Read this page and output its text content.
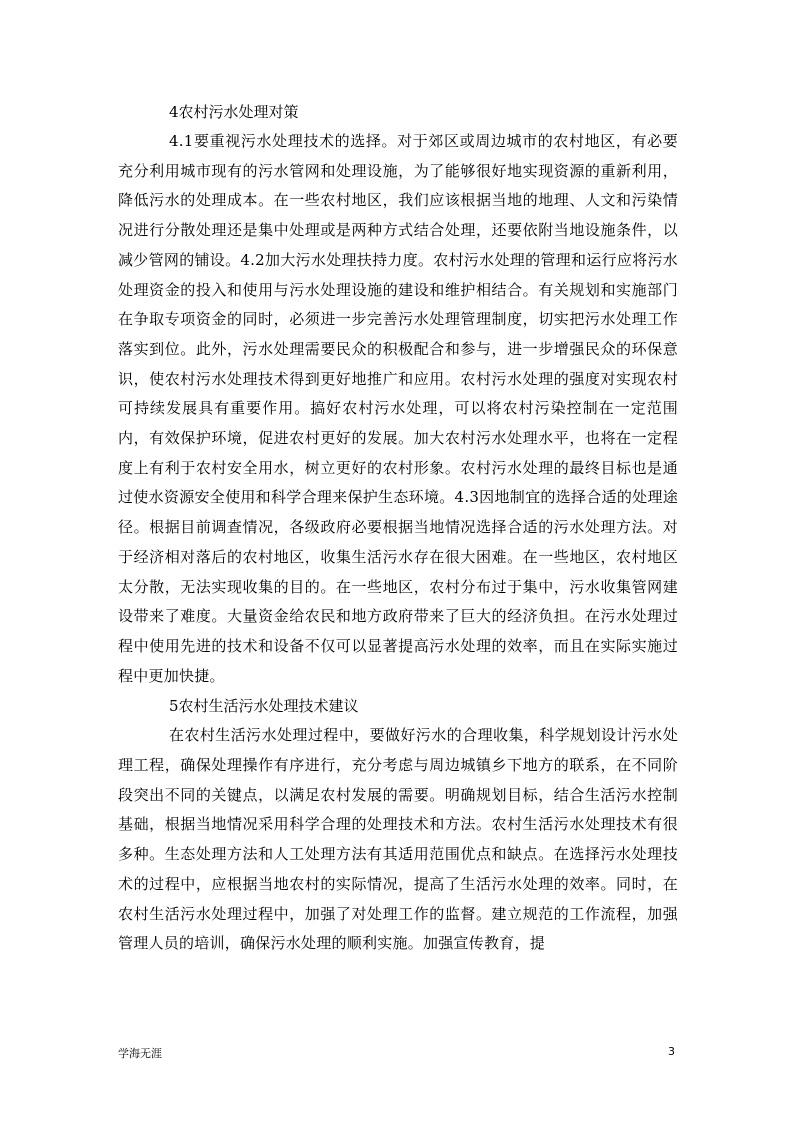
4农村污水处理对策

4.1要重视污水处理技术的选择。对于郊区或周边城市的农村地区，有必要充分利用城市现有的污水管网和处理设施，为了能够很好地实现资源的重新利用，降低污水的处理成本。在一些农村地区，我们应该根据当地的地理、人文和污染情况进行分散处理还是集中处理或是两种方式结合处理，还要依附当地设施条件，以减少管网的铺设。4.2加大污水处理扶持力度。农村污水处理的管理和运行应将污水处理资金的投入和使用与污水处理设施的建设和维护相结合。有关规划和实施部门在争取专项资金的同时，必须进一步完善污水处理管理制度，切实把污水处理工作落实到位。此外，污水处理需要民众的积极配合和参与，进一步增强民众的环保意识，使农村污水处理技术得到更好地推广和应用。农村污水处理的强度对实现农村可持续发展具有重要作用。搞好农村污水处理，可以将农村污染控制在一定范围内，有效保护环境，促进农村更好的发展。加大农村污水处理水平，也将在一定程度上有利于农村安全用水，树立更好的农村形象。农村污水处理的最终目标也是通过使水资源安全使用和科学合理来保护生态环境。4.3因地制宜的选择合适的处理途径。根据目前调查情况，各级政府必要根据当地情况选择合适的污水处理方法。对于经济相对落后的农村地区，收集生活污水存在很大困难。在一些地区，农村地区太分散，无法实现收集的目的。在一些地区，农村分布过于集中，污水收集管网建设带来了难度。大量资金给农民和地方政府带来了巨大的经济负担。在污水处理过程中使用先进的技术和设备不仅可以显著提高污水处理的效率，而且在实际实施过程中更加快捷。

5农村生活污水处理技术建议

在农村生活污水处理过程中，要做好污水的合理收集，科学规划设计污水处理工程，确保处理操作有序进行，充分考虑与周边城镇乡下地方的联系，在不同阶段突出不同的关键点，以满足农村发展的需要。明确规划目标，结合生活污水控制基础，根据当地情况采用科学合理的处理技术和方法。农村生活污水处理技术有很多种。生态处理方法和人工处理方法有其适用范围优点和缺点。在选择污水处理技术的过程中，应根据当地农村的实际情况，提高了生活污水处理的效率。同时，在农村生活污水处理过程中，加强了对处理工作的监督。建立规范的工作流程，加强管理人员的培训，确保污水处理的顺利实施。加强宣传教育，提

学海无涯	3
